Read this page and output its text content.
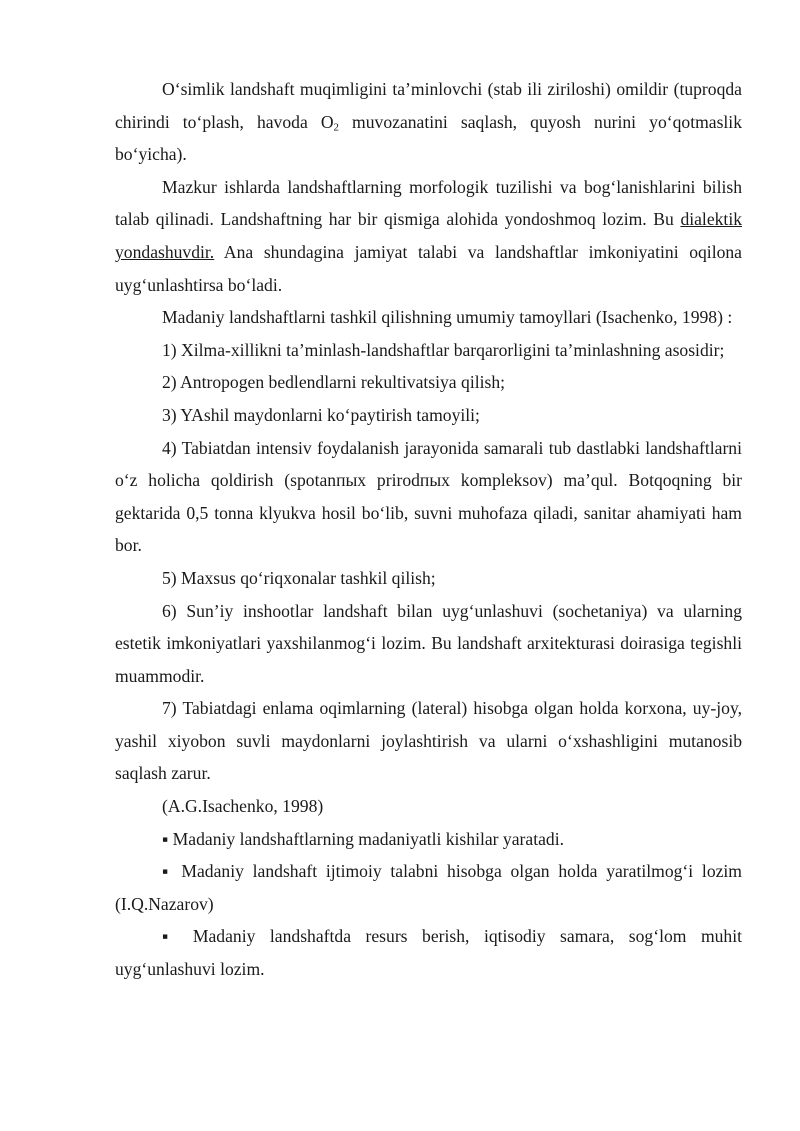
O‘simlik landshaft muqimligini ta’minlovchi (stab ili ziriloshi) omildir (tuproqda chirindi to‘plash, havoda $O_2$ muvozanatini saqlash, quyosh nurini yo‘qotmaslik bo‘yicha).

Mazkur ishlarda landshaftlarning morfologik tuzilishi va bog‘lanishlarini bilish talab qilinadi. Landshaftning har bir qismiga alohida yondoshmoq lozim. Bu dialektik yondashuvdir. Ana shundagina jamiyat talabi va landshaftlar imkoniyatini oqilona uyg‘unlashtirsa bo‘ladi.

Madaniy landshaftlarni tashkil qilishning umumiy tamoyllari (Isachenko, 1998) :

1) Xilma-xillikni ta’minlash-landshaftlar barqarorligini ta’minlashning asosidir;

2) Antropogen bedlendlarni rekultivatsiya qilish;

3) YAshil maydonlarni ko‘paytirish tamoyili;

4) Tabiatdan intensiv foydalanish jarayonida samarali tub dastlabki landshaftlarni o‘z holicha qoldirish (spotanпых prirodпых kompleksov) ma’qul. Botqoqning bir gektarida 0,5 tonna klyukva hosil bo‘lib, suvni muhofaza qiladi, sanitar ahamiyati ham bor.

5) Maxsus qo‘riqxonalar tashkil qilish;

6) Sun’iy inshootlar landshaft bilan uyg‘unlashuvi (sochetaniya) va ularning estetik imkoniyatlari yaxshilanmog‘i lozim. Bu landshaft arxitekturasi doirasiga tegishli muammodir.

7) Tabiatdagi enlama oqimlarning (lateral) hisobga olgan holda korxona, uy-joy, yashil xiyobon suvli maydonlarni joylashtirish va ularni o‘xshashligini mutanosib saqlash zarur.

(A.G.Isachenko, 1998)

▪ Madaniy landshaftlarning madaniyatli kishilar yaratadi.

▪ Madaniy landshaft ijtimoiy talabni hisobga olgan holda yaratilmog‘i lozim (I.Q.Nazarov)

▪ Madaniy landshaftda resurs berish, iqtisodiy samara, sog‘lom muhit uyg‘unlashuvi lozim.
